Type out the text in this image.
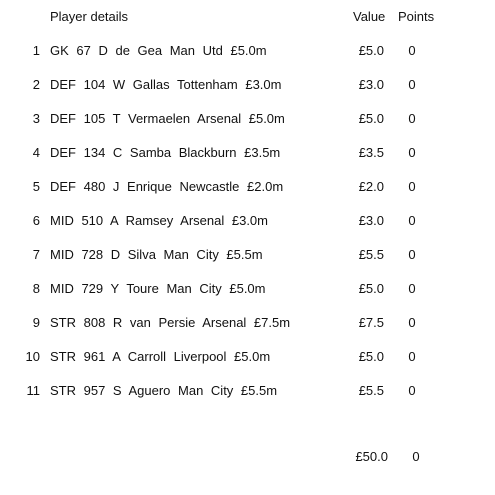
Player details	Value Points
1 GK 67 D de Gea Man Utd £5.0m	£5.0	0
2 DEF 104 W Gallas Tottenham £3.0m	£3.0	0
3 DEF 105 T Vermaelen Arsenal £5.0m	£5.0	0
4 DEF 134 C Samba Blackburn £3.5m	£3.5	0
5 DEF 480 J Enrique Newcastle £2.0m	£2.0	0
6 MID 510 A Ramsey Arsenal £3.0m	£3.0	0
7 MID 728 D Silva Man City £5.5m	£5.5	0
8 MID 729 Y Toure Man City £5.0m	£5.0	0
9 STR 808 R van Persie Arsenal £7.5m	£7.5	0
10 STR 961 A Carroll Liverpool £5.0m	£5.0	0
11 STR 957 S Aguero Man City £5.5m	£5.5	0
£50.0	0
